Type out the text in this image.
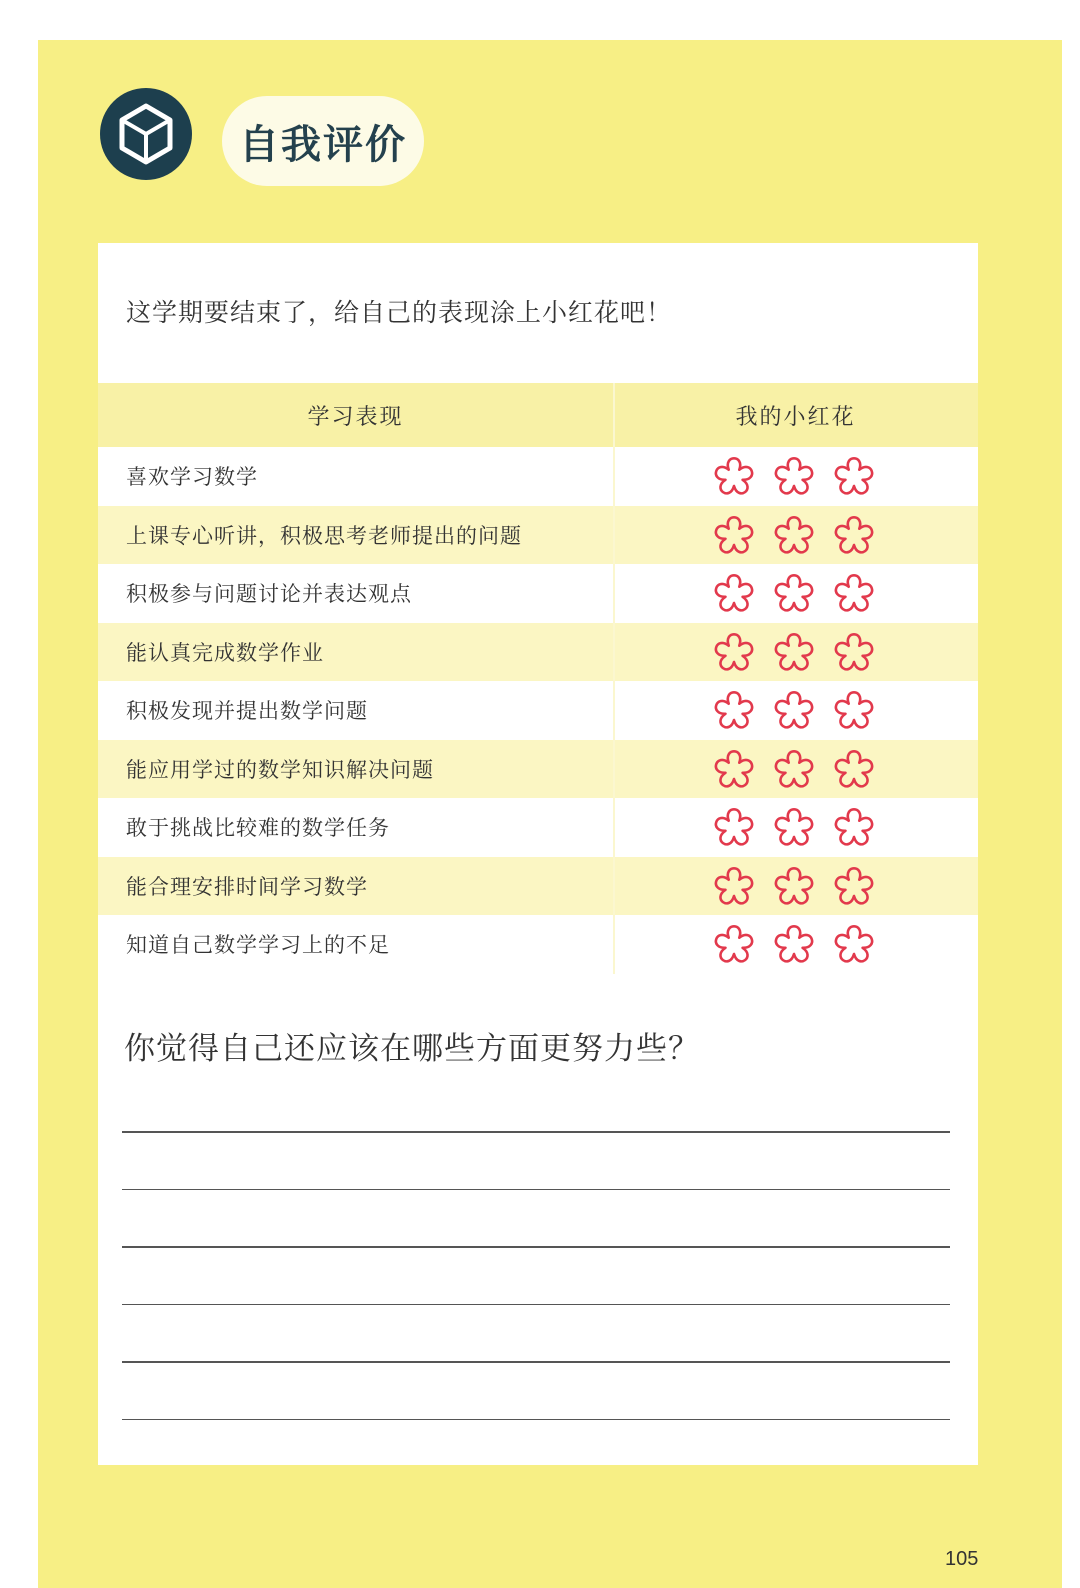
自我评价
这学期要结束了，给自己的表现涂上小红花吧！
学习表现	我的小红花
喜欢学习数学
上课专心听讲，积极思考老师提出的问题
积极参与问题讨论并表达观点
能认真完成数学作业
积极发现并提出数学问题
能应用学过的数学知识解决问题
敢于挑战比较难的数学任务
能合理安排时间学习数学
知道自己数学学习上的不足
你觉得自己还应该在哪些方面更努力些？
105
